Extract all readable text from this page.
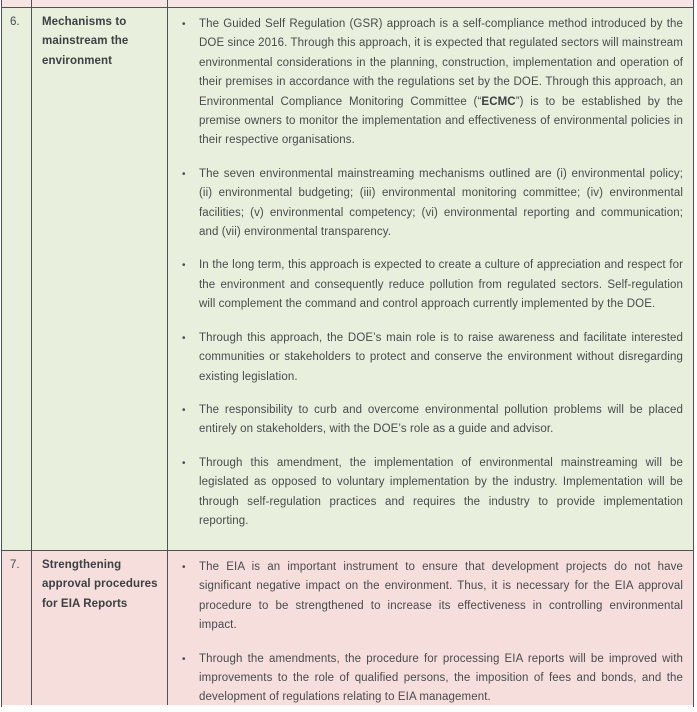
6.	Mechanisms to mainstream the environment
•	The Guided Self Regulation (GSR) approach is a self-compliance method introduced by the DOE since 2016. Through this approach, it is expected that regulated sectors will mainstream environmental considerations in the planning, construction, implementation and operation of their premises in accordance with the regulations set by the DOE. Through this approach, an Environmental Compliance Monitoring Committee (“ECMC”) is to be established by the premise owners to monitor the implementation and effectiveness of environmental policies in their respective organisations.

•	The seven environmental mainstreaming mechanisms outlined are (i) environmental policy; (ii) environmental budgeting; (iii) environmental monitoring committee; (iv) environmental facilities; (v) environmental competency; (vi) environmental reporting and communication; and (vii) environmental transparency.

•	In the long term, this approach is expected to create a culture of appreciation and respect for the environment and consequently reduce pollution from regulated sectors. Self-regulation will complement the command and control approach currently implemented by the DOE.

•	Through this approach, the DOE’s main role is to raise awareness and facilitate interested communities or stakeholders to protect and conserve the environment without disregarding existing legislation.

•	The responsibility to curb and overcome environmental pollution problems will be placed entirely on stakeholders, with the DOE’s role as a guide and advisor.

•	Through this amendment, the implementation of environmental mainstreaming will be legislated as opposed to voluntary implementation by the industry. Implementation will be through self-regulation practices and requires the industry to provide implementation reporting.

7.	Strengthening approval procedures for EIA Reports
•	The EIA is an important instrument to ensure that development projects do not have significant negative impact on the environment. Thus, it is necessary for the EIA approval procedure to be strengthened to increase its effectiveness in controlling environmental impact.

•	Through the amendments, the procedure for processing EIA reports will be improved with improvements to the role of qualified persons, the imposition of fees and bonds, and the development of regulations relating to EIA management.
